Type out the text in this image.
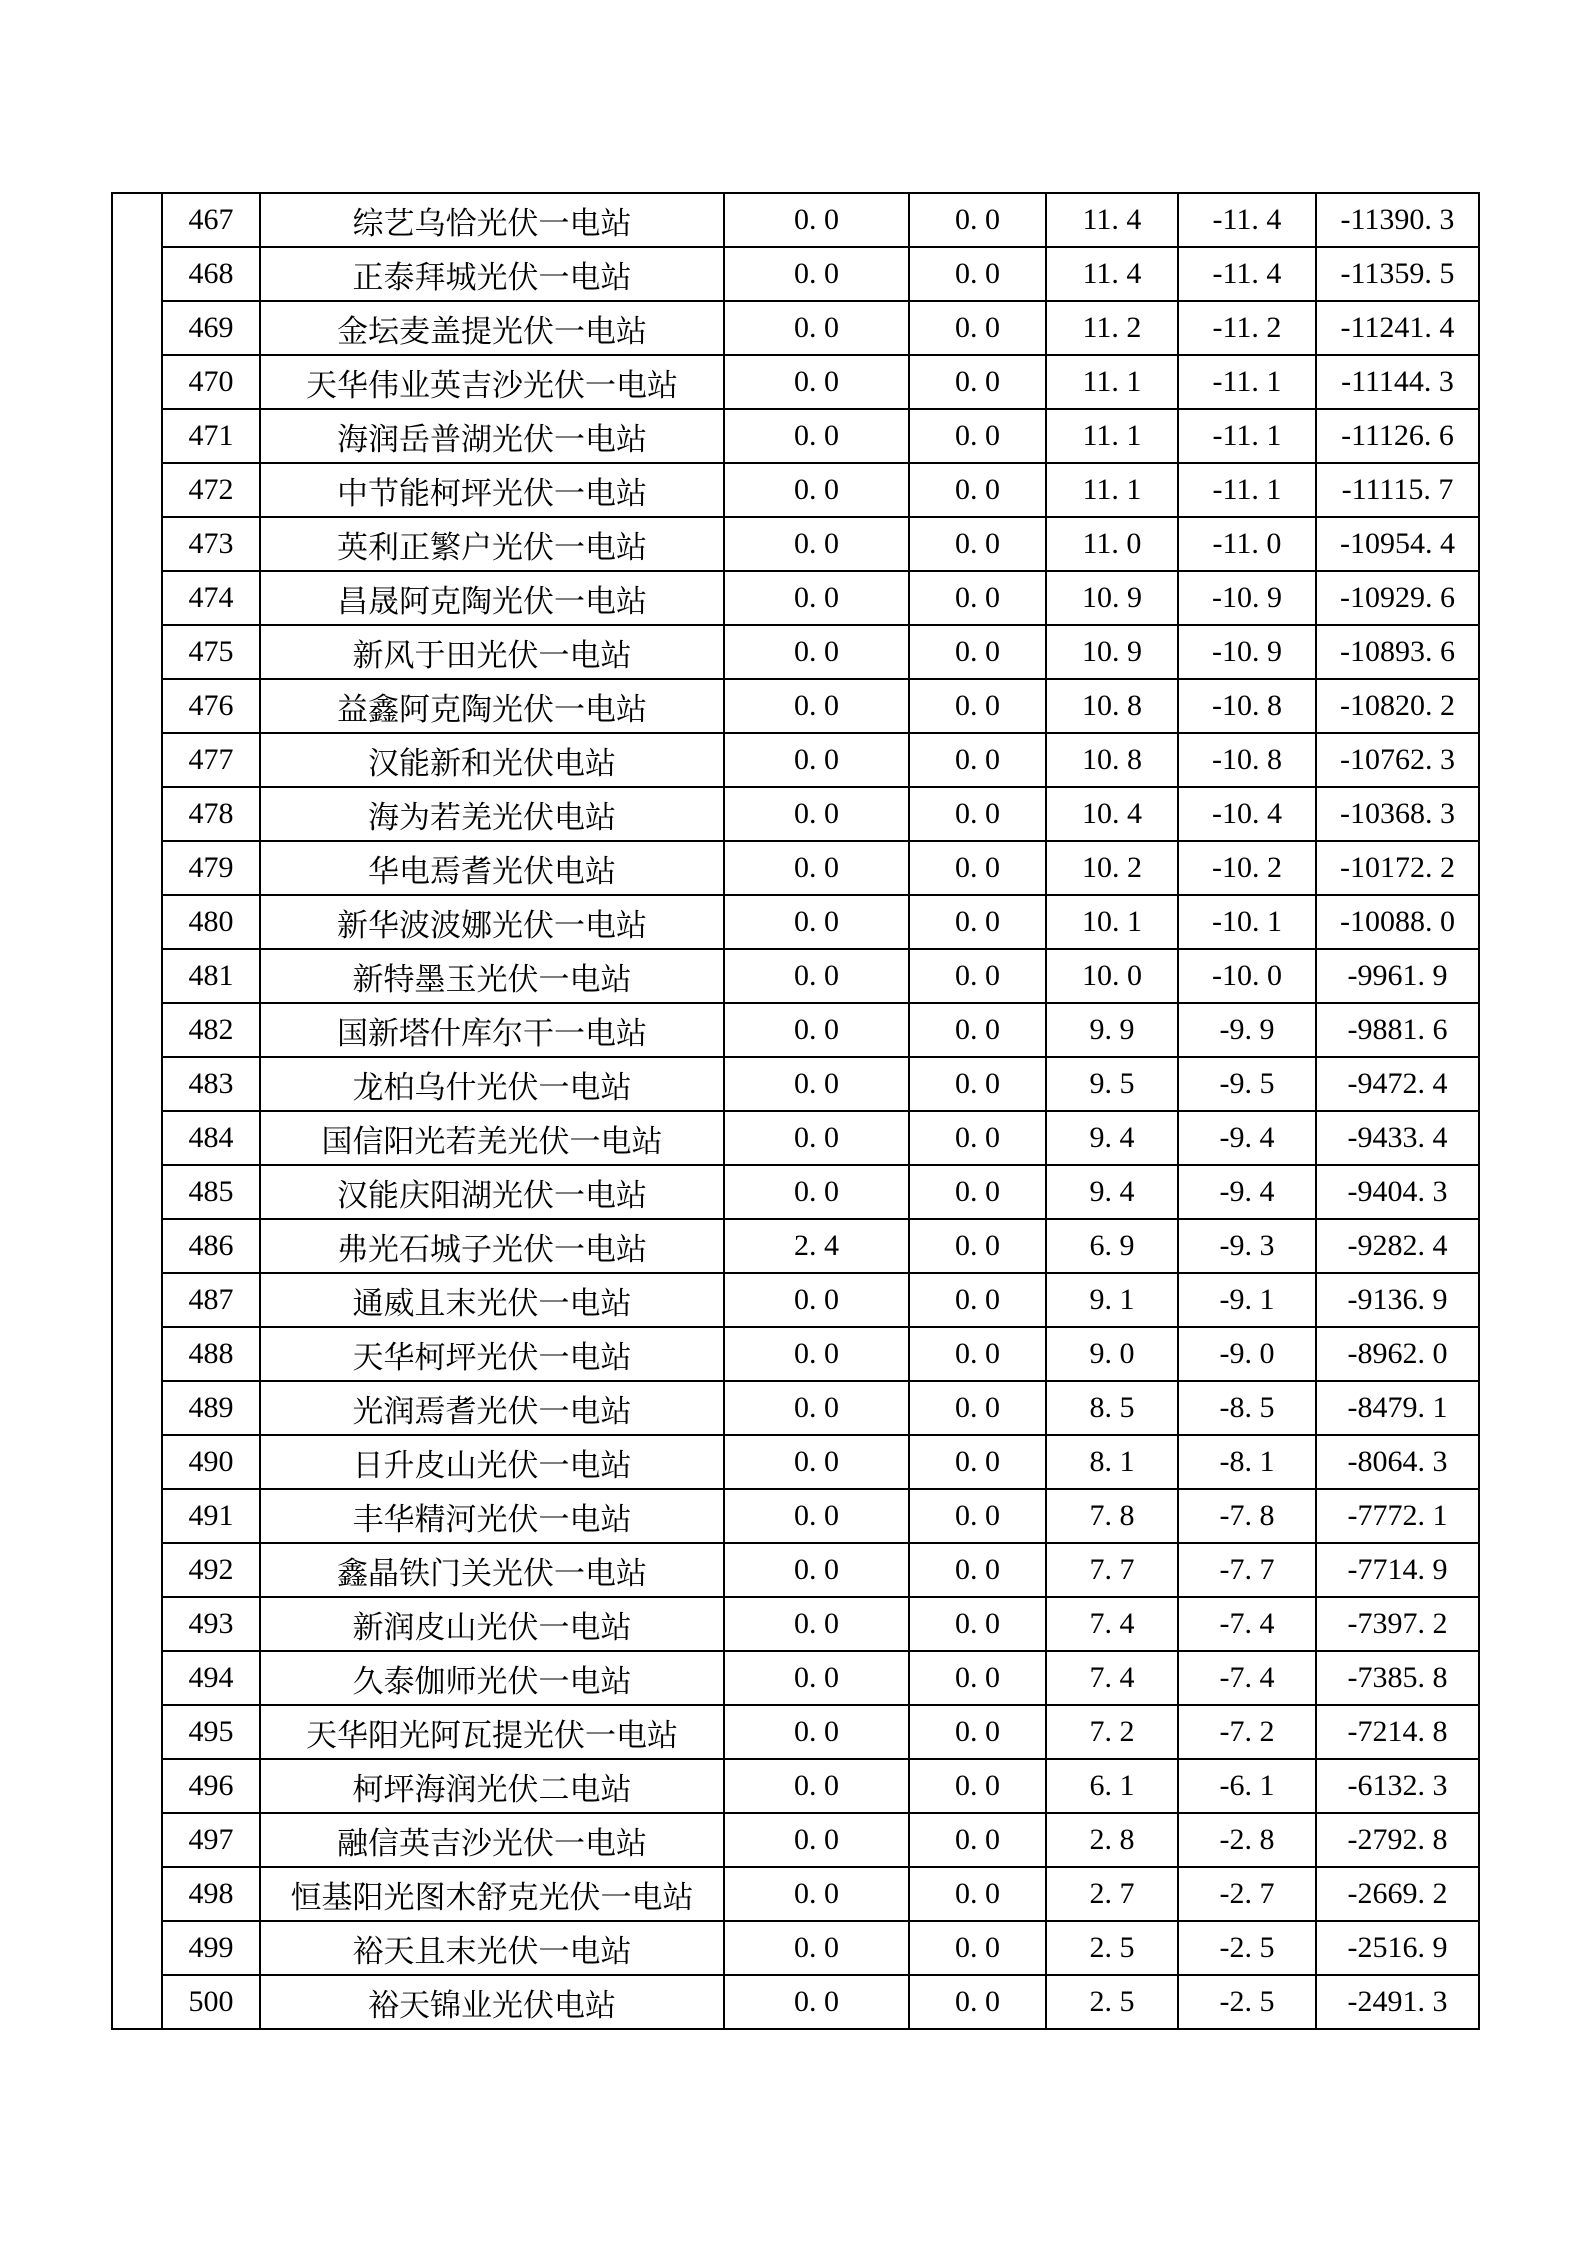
	467	综艺乌恰光伏一电站	0. 0	0. 0	11. 4	-11. 4	-11390. 3
	468	正泰拜城光伏一电站	0. 0	0. 0	11. 4	-11. 4	-11359. 5
	469	金坛麦盖提光伏一电站	0. 0	0. 0	11. 2	-11. 2	-11241. 4
	470	天华伟业英吉沙光伏一电站	0. 0	0. 0	11. 1	-11. 1	-11144. 3
	471	海润岳普湖光伏一电站	0. 0	0. 0	11. 1	-11. 1	-11126. 6
	472	中节能柯坪光伏一电站	0. 0	0. 0	11. 1	-11. 1	-11115. 7
	473	英利正繁户光伏一电站	0. 0	0. 0	11. 0	-11. 0	-10954. 4
	474	昌晟阿克陶光伏一电站	0. 0	0. 0	10. 9	-10. 9	-10929. 6
	475	新风于田光伏一电站	0. 0	0. 0	10. 9	-10. 9	-10893. 6
	476	益鑫阿克陶光伏一电站	0. 0	0. 0	10. 8	-10. 8	-10820. 2
	477	汉能新和光伏电站	0. 0	0. 0	10. 8	-10. 8	-10762. 3
	478	海为若羌光伏电站	0. 0	0. 0	10. 4	-10. 4	-10368. 3
	479	华电焉耆光伏电站	0. 0	0. 0	10. 2	-10. 2	-10172. 2
	480	新华波波娜光伏一电站	0. 0	0. 0	10. 1	-10. 1	-10088. 0
	481	新特墨玉光伏一电站	0. 0	0. 0	10. 0	-10. 0	-9961. 9
	482	国新塔什库尔干一电站	0. 0	0. 0	9. 9	-9. 9	-9881. 6
	483	龙柏乌什光伏一电站	0. 0	0. 0	9. 5	-9. 5	-9472. 4
	484	国信阳光若羌光伏一电站	0. 0	0. 0	9. 4	-9. 4	-9433. 4
	485	汉能庆阳湖光伏一电站	0. 0	0. 0	9. 4	-9. 4	-9404. 3
	486	弗光石城子光伏一电站	2. 4	0. 0	6. 9	-9. 3	-9282. 4
	487	通威且末光伏一电站	0. 0	0. 0	9. 1	-9. 1	-9136. 9
	488	天华柯坪光伏一电站	0. 0	0. 0	9. 0	-9. 0	-8962. 0
	489	光润焉耆光伏一电站	0. 0	0. 0	8. 5	-8. 5	-8479. 1
	490	日升皮山光伏一电站	0. 0	0. 0	8. 1	-8. 1	-8064. 3
	491	丰华精河光伏一电站	0. 0	0. 0	7. 8	-7. 8	-7772. 1
	492	鑫晶铁门关光伏一电站	0. 0	0. 0	7. 7	-7. 7	-7714. 9
	493	新润皮山光伏一电站	0. 0	0. 0	7. 4	-7. 4	-7397. 2
	494	久泰伽师光伏一电站	0. 0	0. 0	7. 4	-7. 4	-7385. 8
	495	天华阳光阿瓦提光伏一电站	0. 0	0. 0	7. 2	-7. 2	-7214. 8
	496	柯坪海润光伏二电站	0. 0	0. 0	6. 1	-6. 1	-6132. 3
	497	融信英吉沙光伏一电站	0. 0	0. 0	2. 8	-2. 8	-2792. 8
	498	恒基阳光图木舒克光伏一电站	0. 0	0. 0	2. 7	-2. 7	-2669. 2
	499	裕天且末光伏一电站	0. 0	0. 0	2. 5	-2. 5	-2516. 9
	500	裕天锦业光伏电站	0. 0	0. 0	2. 5	-2. 5	-2491. 3
